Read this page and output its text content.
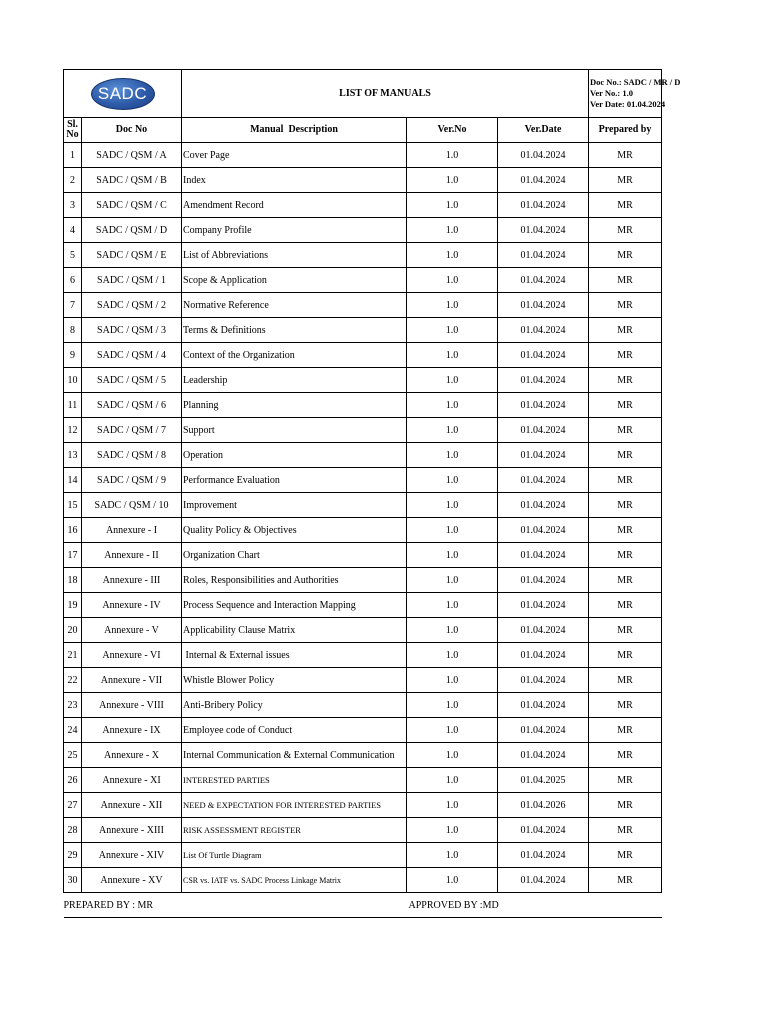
SADC		LIST OF MANUALS			Doc No.: SADC / MR / D
Ver No.: 1.0
Ver Date: 01.04.2024

Sl. No	Doc No	Manual  Description	Ver.No	Ver.Date	Prepared by
1	SADC / QSM / A	Cover Page	1.0	01.04.2024	MR
2	SADC / QSM / B	Index	1.0	01.04.2024	MR
3	SADC / QSM / C	Amendment Record	1.0	01.04.2024	MR
4	SADC / QSM / D	Company Profile	1.0	01.04.2024	MR
5	SADC / QSM / E	List of Abbreviations	1.0	01.04.2024	MR
6	SADC / QSM / 1	Scope & Application	1.0	01.04.2024	MR
7	SADC / QSM / 2	Normative Reference	1.0	01.04.2024	MR
8	SADC / QSM / 3	Terms & Definitions	1.0	01.04.2024	MR
9	SADC / QSM / 4	Context of the Organization	1.0	01.04.2024	MR
10	SADC / QSM / 5	Leadership	1.0	01.04.2024	MR
11	SADC / QSM / 6	Planning	1.0	01.04.2024	MR
12	SADC / QSM / 7	Support	1.0	01.04.2024	MR
13	SADC / QSM / 8	Operation	1.0	01.04.2024	MR
14	SADC / QSM / 9	Performance Evaluation	1.0	01.04.2024	MR
15	SADC / QSM / 10	Improvement	1.0	01.04.2024	MR
16	Annexure - I	Quality Policy & Objectives	1.0	01.04.2024	MR
17	Annexure - II	Organization Chart	1.0	01.04.2024	MR
18	Annexure - III	Roles, Responsibilities and Authorities	1.0	01.04.2024	MR
19	Annexure - IV	Process Sequence and Interaction Mapping	1.0	01.04.2024	MR
20	Annexure - V	Applicability Clause Matrix	1.0	01.04.2024	MR
21	Annexure - VI	Internal & External issues	1.0	01.04.2024	MR
22	Annexure - VII	Whistle Blower Policy	1.0	01.04.2024	MR
23	Annexure - VIII	Anti-Bribery Policy	1.0	01.04.2024	MR
24	Annexure - IX	Employee code of Conduct	1.0	01.04.2024	MR
25	Annexure - X	Internal Communication & External Communication	1.0	01.04.2024	MR
26	Annexure - XI	INTERESTED PARTIES	1.0	01.04.2025	MR
27	Annexure - XII	NEED & EXPECTATION FOR INTERESTED PARTIES	1.0	01.04.2026	MR
28	Annexure - XIII	RISK ASSESSMENT REGISTER	1.0	01.04.2024	MR
29	Annexure - XIV	List Of Turtle Diagram	1.0	01.04.2024	MR
30	Annexure - XV	CSR vs. IATF vs. SADC Process Linkage Matrix	1.0	01.04.2024	MR
PREPARED BY : MR			APPROVED BY :MD		
